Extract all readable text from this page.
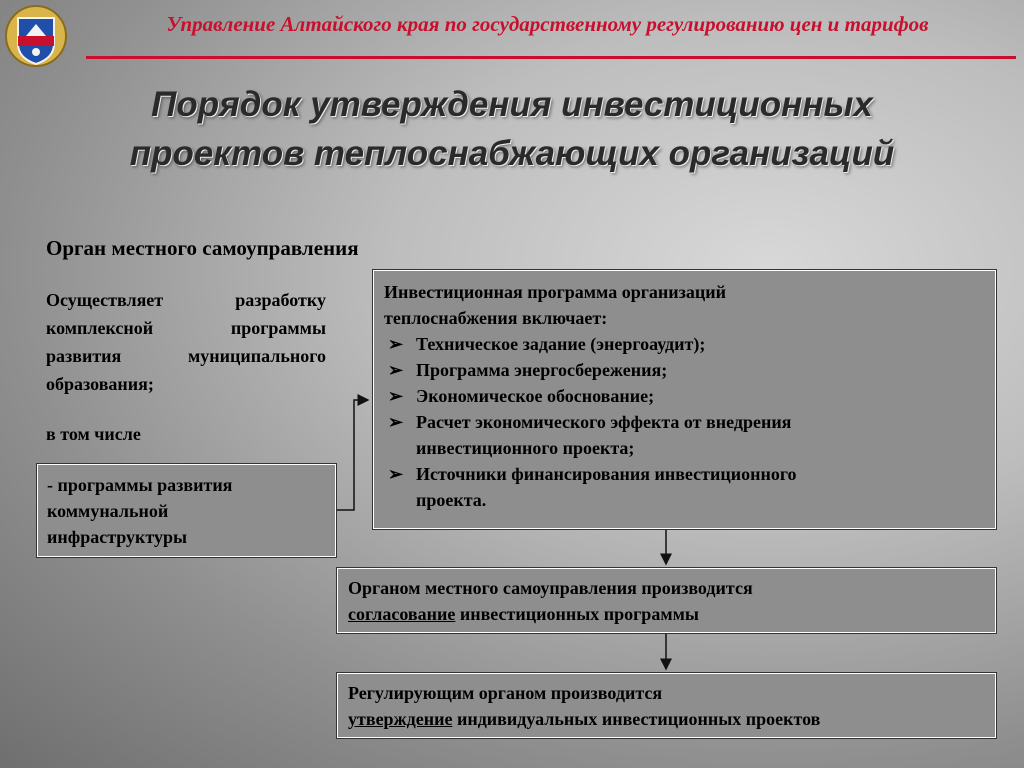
Управление Алтайского края по государственному регулированию цен и тарифов
Порядок утверждения инвестиционных
проектов теплоснабжающих организаций
Орган местного самоуправления
Осуществляет разработку комплексной программы развития муниципального образования;
в том числе
- программы развития
коммунальной
инфраструктуры
Инвестиционная программа организаций
теплоснабжения включает:
➢ Техническое задание (энергоаудит);
➢ Программа энергосбережения;
➢ Экономическое обоснование;
➢ Расчет экономического эффекта от внедрения
инвестиционного проекта;
➢ Источники финансирования инвестиционного
проекта.
Органом местного самоуправления производится
согласование инвестиционных программы
Регулирующим органом производится
утверждение индивидуальных инвестиционных проектов
